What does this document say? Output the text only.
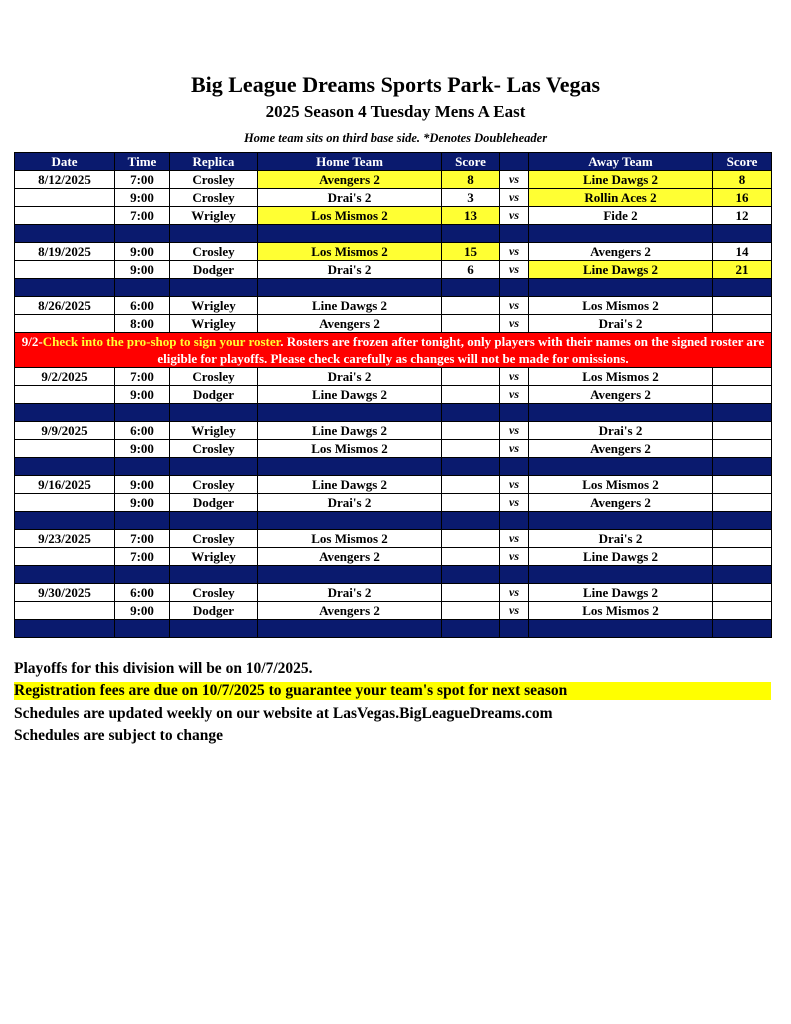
Big League Dreams Sports Park- Las Vegas
2025 Season 4 Tuesday Mens A East
Home team sits on third base side. *Denotes Doubleheader
Date	Time	Replica	Home Team	Score		Away Team	Score
8/12/2025	7:00	Crosley	Avengers 2	8	vs	Line Dawgs 2	8
	9:00	Crosley	Drai's 2	3	vs	Rollin Aces 2	16
	7:00	Wrigley	Los Mismos 2	13	vs	Fide 2	12

8/19/2025	9:00	Crosley	Los Mismos 2	15	vs	Avengers 2	14
	9:00	Dodger	Drai's 2	6	vs	Line Dawgs 2	21

8/26/2025	6:00	Wrigley	Line Dawgs 2		vs	Los Mismos 2	
	8:00	Wrigley	Avengers 2		vs	Drai's 2	
9/2-Check into the pro-shop to sign your roster. Rosters are frozen after tonight, only players with their names on the signed roster are eligible for playoffs. Please check carefully as changes will not be made for omissions.							
9/2/2025	7:00	Crosley	Drai's 2		vs	Los Mismos 2	
	9:00	Dodger	Line Dawgs 2		vs	Avengers 2	

9/9/2025	6:00	Wrigley	Line Dawgs 2		vs	Drai's 2	
	9:00	Crosley	Los Mismos 2		vs	Avengers 2	

9/16/2025	9:00	Crosley	Line Dawgs 2		vs	Los Mismos 2	
	9:00	Dodger	Drai's 2		vs	Avengers 2	

9/23/2025	7:00	Crosley	Los Mismos 2		vs	Drai's 2	
	7:00	Wrigley	Avengers 2		vs	Line Dawgs 2	

9/30/2025	6:00	Crosley	Drai's 2		vs	Line Dawgs 2	
	9:00	Dodger	Avengers 2		vs	Los Mismos 2	

Playoffs for this division will be on 10/7/2025.
Registration fees are due on 10/7/2025 to guarantee your team's spot for next season
Schedules are updated weekly on our website at LasVegas.BigLeagueDreams.com
Schedules are subject to change
